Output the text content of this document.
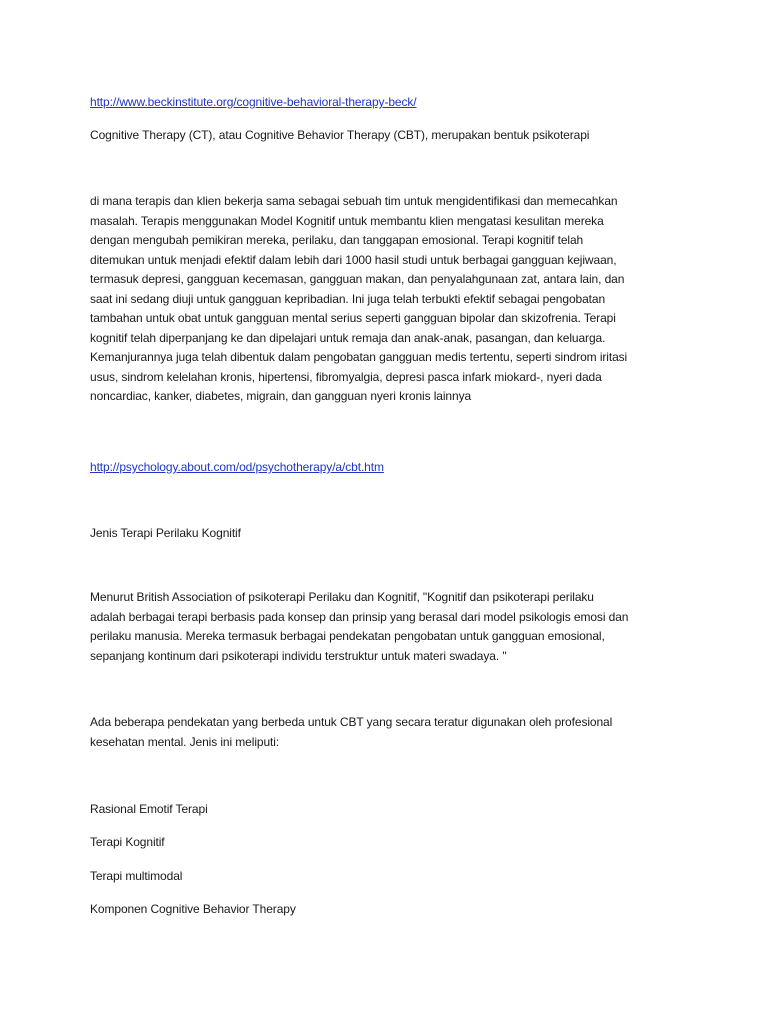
http://www.beckinstitute.org/cognitive-behavioral-therapy-beck/
Cognitive Therapy (CT), atau Cognitive Behavior Therapy (CBT), merupakan bentuk psikoterapi
di mana terapis dan klien bekerja sama sebagai sebuah tim untuk mengidentifikasi dan memecahkan
masalah. Terapis menggunakan Model Kognitif untuk membantu klien mengatasi kesulitan mereka
dengan mengubah pemikiran mereka, perilaku, dan tanggapan emosional. Terapi kognitif telah
ditemukan untuk menjadi efektif dalam lebih dari 1000 hasil studi untuk berbagai gangguan kejiwaan,
termasuk depresi, gangguan kecemasan, gangguan makan, dan penyalahgunaan zat, antara lain, dan
saat ini sedang diuji untuk gangguan kepribadian. Ini juga telah terbukti efektif sebagai pengobatan
tambahan untuk obat untuk gangguan mental serius seperti gangguan bipolar dan skizofrenia. Terapi
kognitif telah diperpanjang ke dan dipelajari untuk remaja dan anak-anak, pasangan, dan keluarga.
Kemanjurannya juga telah dibentuk dalam pengobatan gangguan medis tertentu, seperti sindrom iritasi
usus, sindrom kelelahan kronis, hipertensi, fibromyalgia, depresi pasca infark miokard-, nyeri dada
noncardiac, kanker, diabetes, migrain, dan gangguan nyeri kronis lainnya
http://psychology.about.com/od/psychotherapy/a/cbt.htm
Jenis Terapi Perilaku Kognitif
Menurut British Association of psikoterapi Perilaku dan Kognitif, "Kognitif dan psikoterapi perilaku
adalah berbagai terapi berbasis pada konsep dan prinsip yang berasal dari model psikologis emosi dan
perilaku manusia. Mereka termasuk berbagai pendekatan pengobatan untuk gangguan emosional,
sepanjang kontinum dari psikoterapi individu terstruktur untuk materi swadaya. "
Ada beberapa pendekatan yang berbeda untuk CBT yang secara teratur digunakan oleh profesional
kesehatan mental. Jenis ini meliputi:
Rasional Emotif Terapi
Terapi Kognitif
Terapi multimodal
Komponen Cognitive Behavior Therapy
